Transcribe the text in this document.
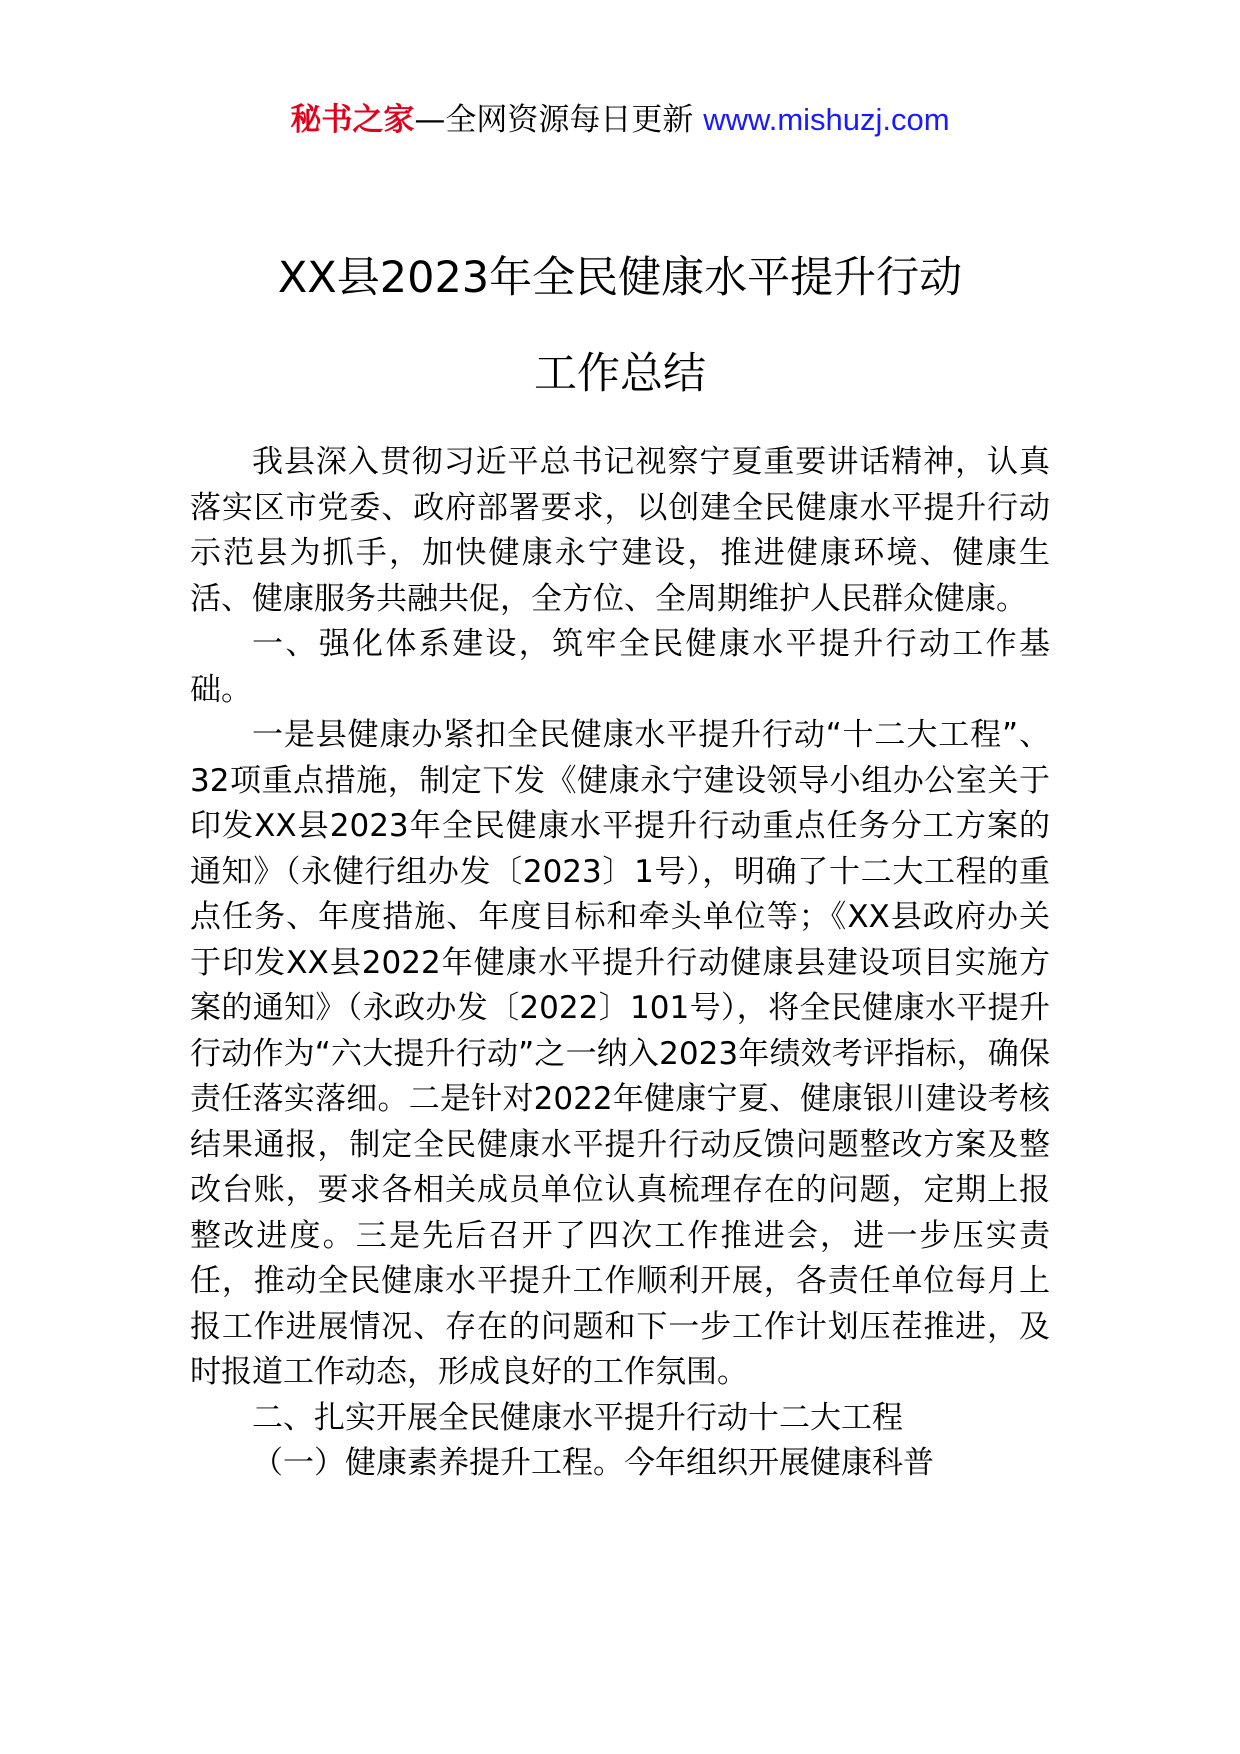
秘书之家—全网资源每日更新 www.mishuzj.com
XX县2023年全民健康水平提升行动
工作总结

我县深入贯彻习近平总书记视察宁夏重要讲话精神，认真落实区市党委、政府部署要求，以创建全民健康水平提升行动示范县为抓手，加快健康永宁建设，推进健康环境、健康生活、健康服务共融共促，全方位、全周期维护人民群众健康。

一、强化体系建设，筑牢全民健康水平提升行动工作基础。

一是县健康办紧扣全民健康水平提升行动“十二大工程”、32项重点措施，制定下发《健康永宁建设领导小组办公室关于印发XX县2023年全民健康水平提升行动重点任务分工方案的通知》（永健行组办发〔2023〕1号），明确了十二大工程的重点任务、年度措施、年度目标和牵头单位等；《XX县政府办关于印发XX县2022年健康水平提升行动健康县建设项目实施方案的通知》（永政办发〔2022〕101号），将全民健康水平提升行动作为“六大提升行动”之一纳入2023年绩效考评指标，确保责任落实落细。二是针对2022年健康宁夏、健康银川建设考核结果通报，制定全民健康水平提升行动反馈问题整改方案及整改台账，要求各相关成员单位认真梳理存在的问题，定期上报整改进度。三是先后召开了四次工作推进会，进一步压实责任，推动全民健康水平提升工作顺利开展，各责任单位每月上报工作进展情况、存在的问题和下一步工作计划压茬推进，及时报道工作动态，形成良好的工作氛围。

二、扎实开展全民健康水平提升行动十二大工程

（一）健康素养提升工程。今年组织开展健康科普
